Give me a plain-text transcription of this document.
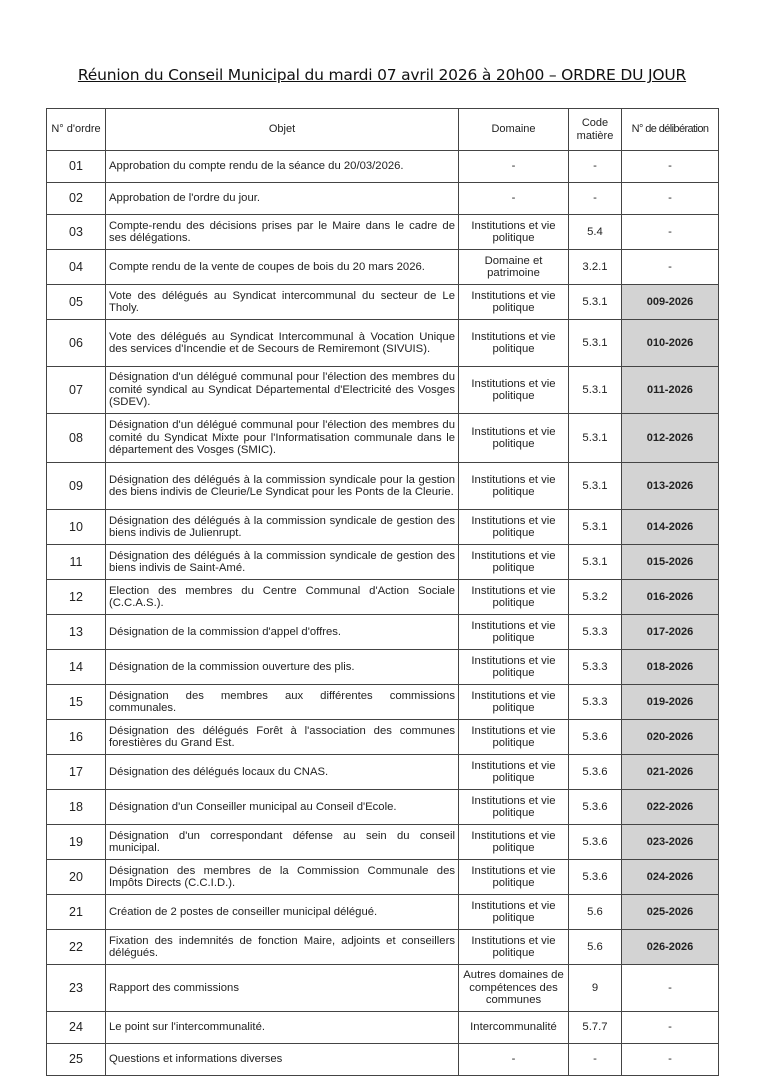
Réunion du Conseil Municipal du mardi 07 avril 2026 à 20h00 – ORDRE DU JOUR
N° d'ordre	Objet	Domaine	Code matière	N° de délibération
01	Approbation du compte rendu de la séance du 20/03/2026.	-	-	-
02	Approbation de l'ordre du jour.	-	-	-
03	Compte-rendu des décisions prises par le Maire dans le cadre de ses délégations.	Institutions et vie politique	5.4	-
04	Compte rendu de la vente de coupes de bois du 20 mars 2026.	Domaine et patrimoine	3.2.1	-
05	Vote des délégués au Syndicat intercommunal du secteur de Le Tholy.	Institutions et vie politique	5.3.1	009-2026
06	Vote des délégués au Syndicat Intercommunal à Vocation Unique des services d'Incendie et de Secours de Remiremont (SIVUIS).	Institutions et vie politique	5.3.1	010-2026
07	Désignation d'un délégué communal pour l'élection des membres du comité syndical au Syndicat Départemental d'Electricité des Vosges (SDEV).	Institutions et vie politique	5.3.1	011-2026
08	Désignation d'un délégué communal pour l'élection des membres du comité du Syndicat Mixte pour l'Informatisation communale dans le département des Vosges (SMIC).	Institutions et vie politique	5.3.1	012-2026
09	Désignation des délégués à la commission syndicale pour la gestion des biens indivis de Cleurie/Le Syndicat pour les Ponts de la Cleurie.	Institutions et vie politique	5.3.1	013-2026
10	Désignation des délégués à la commission syndicale de gestion des biens indivis de Julienrupt.	Institutions et vie politique	5.3.1	014-2026
11	Désignation des délégués à la commission syndicale de gestion des biens indivis de Saint-Amé.	Institutions et vie politique	5.3.1	015-2026
12	Election des membres du Centre Communal d'Action Sociale (C.C.A.S.).	Institutions et vie politique	5.3.2	016-2026
13	Désignation de la commission d'appel d'offres.	Institutions et vie politique	5.3.3	017-2026
14	Désignation de la commission ouverture des plis.	Institutions et vie politique	5.3.3	018-2026
15	Désignation des membres aux différentes commissions communales.	Institutions et vie politique	5.3.3	019-2026
16	Désignation des délégués Forêt à l'association des communes forestières du Grand Est.	Institutions et vie politique	5.3.6	020-2026
17	Désignation des délégués locaux du CNAS.	Institutions et vie politique	5.3.6	021-2026
18	Désignation d'un Conseiller municipal au Conseil d'Ecole.	Institutions et vie politique	5.3.6	022-2026
19	Désignation d'un correspondant défense au sein du conseil municipal.	Institutions et vie politique	5.3.6	023-2026
20	Désignation des membres de la Commission Communale des Impôts Directs (C.C.I.D.).	Institutions et vie politique	5.3.6	024-2026
21	Création de 2 postes de conseiller municipal délégué.	Institutions et vie politique	5.6	025-2026
22	Fixation des indemnités de fonction Maire, adjoints et conseillers délégués.	Institutions et vie politique	5.6	026-2026
23	Rapport des commissions	Autres domaines de compétences des communes	9	-
24	Le point sur l'intercommunalité.	Intercommunalité	5.7.7	-
25	Questions et informations diverses	-	-	-
